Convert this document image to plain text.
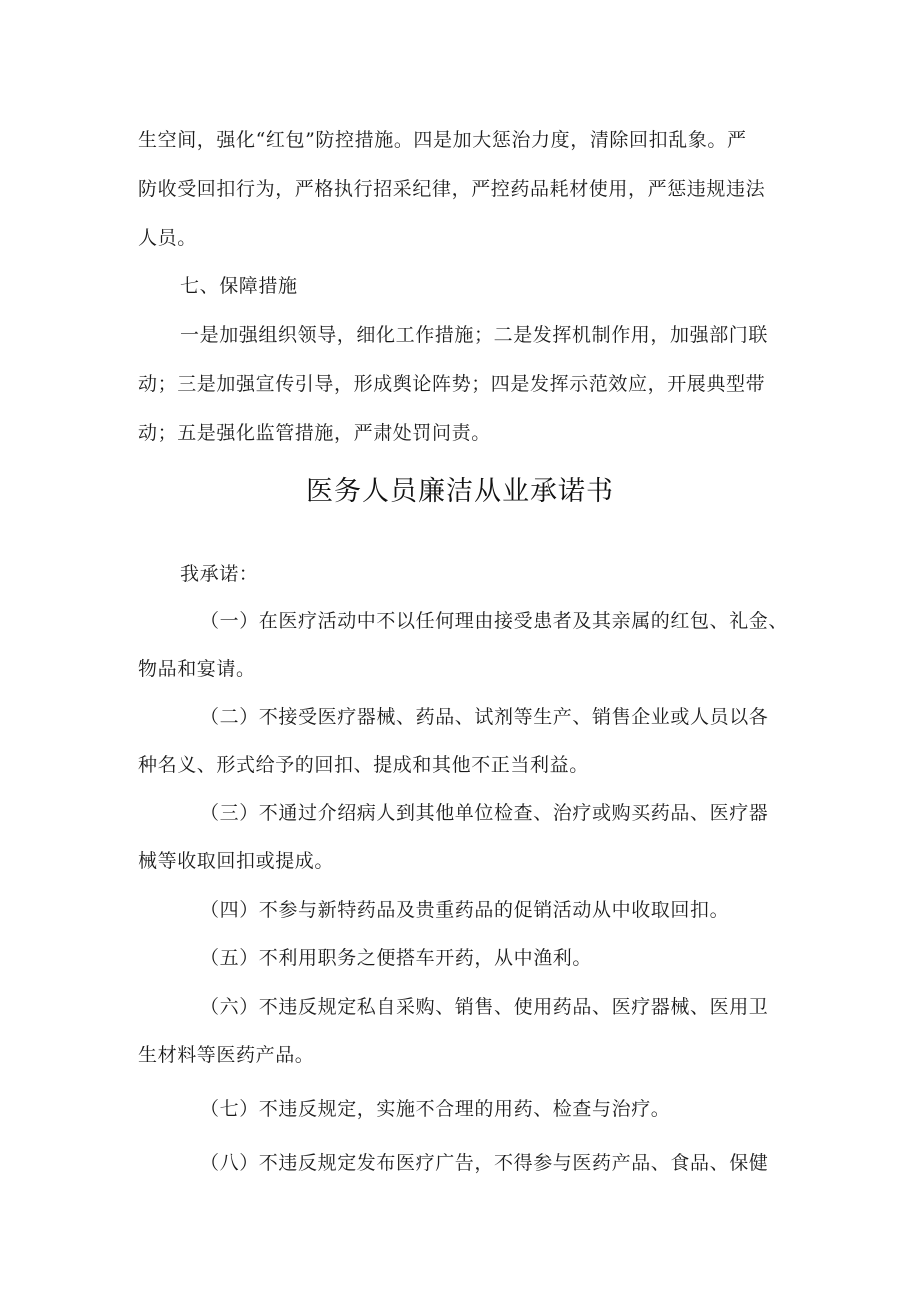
生空间，强化“红包”防控措施。四是加大惩治力度，清除回扣乱象。严
防收受回扣行为，严格执行招采纪律，严控药品耗材使用，严惩违规违法
人员。
七、保障措施
一是加强组织领导，细化工作措施；二是发挥机制作用，加强部门联
动；三是加强宣传引导，形成舆论阵势；四是发挥示范效应，开展典型带
动；五是强化监管措施，严肃处罚问责。
医务人员廉洁从业承诺书
我承诺：
（一）在医疗活动中不以任何理由接受患者及其亲属的红包、礼金、
物品和宴请。
（二）不接受医疗器械、药品、试剂等生产、销售企业或人员以各
种名义、形式给予的回扣、提成和其他不正当利益。
（三）不通过介绍病人到其他单位检查、治疗或购买药品、医疗器
械等收取回扣或提成。
（四）不参与新特药品及贵重药品的促销活动从中收取回扣。
（五）不利用职务之便搭车开药，从中渔利。
（六）不违反规定私自采购、销售、使用药品、医疗器械、医用卫
生材料等医药产品。
（七）不违反规定，实施不合理的用药、检查与治疗。
（八）不违反规定发布医疗广告，不得参与医药产品、食品、保健
